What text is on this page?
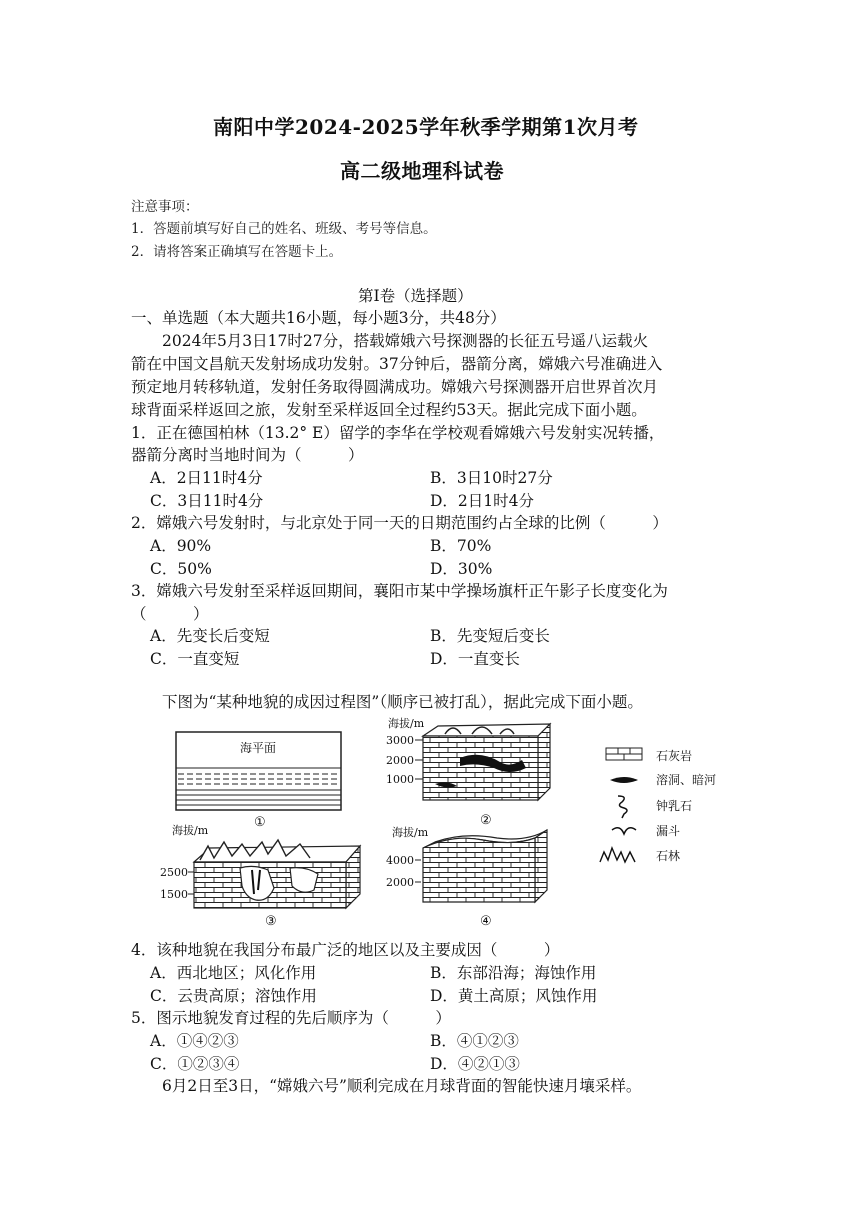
南阳中学2024-2025学年秋季学期第1次月考
高二级地理科试卷
注意事项：
1．答题前填写好自己的姓名、班级、考号等信息。
2．请将答案正确填写在答题卡上。
第Ⅰ卷（选择题）
一、单选题（本大题共16小题，每小题3分，共48分）
2024年5月3日17时27分，搭载嫦娥六号探测器的长征五号遥八运载火
箭在中国文昌航天发射场成功发射。37分钟后，器箭分离，嫦娥六号准确进入
预定地月转移轨道，发射任务取得圆满成功。嫦娥六号探测器开启世界首次月
球背面采样返回之旅，发射至采样返回全过程约53天。据此完成下面小题。
1．正在德国柏林（13.2° E）留学的李华在学校观看嫦娥六号发射实况转播，
器箭分离时当地时间为（　　　）
A．2日11时4分	B．3日10时27分
C．3日11时4分	D．2日1时4分
2．嫦娥六号发射时，与北京处于同一天的日期范围约占全球的比例（　　　）
A．90%	B．70%
C．50%	D．30%
3．嫦娥六号发射至采样返回期间，襄阳市某中学操场旗杆正午影子长度变化为
（　　　）
A．先变长后变短	B．先变短后变长
C．一直变短	D．一直变长
下图为“某种地貌的成因过程图”（顺序已被打乱），据此完成下面小题。
海平面
①
海拔/m
3000
2000
1000
②
海拔/m
2500
1500
③
海拔/m
4000
2000
④
石灰岩
溶洞、暗河
钟乳石
漏斗
石林
4．该种地貌在我国分布最广泛的地区以及主要成因（　　　）
A．西北地区；风化作用	B．东部沿海；海蚀作用
C．云贵高原；溶蚀作用	D．黄土高原；风蚀作用
5．图示地貌发育过程的先后顺序为（　　　）
A．①④②③	B．④①②③
C．①②③④	D．④②①③
6月2日至3日，“嫦娥六号”顺利完成在月球背面的智能快速月壤采样。
